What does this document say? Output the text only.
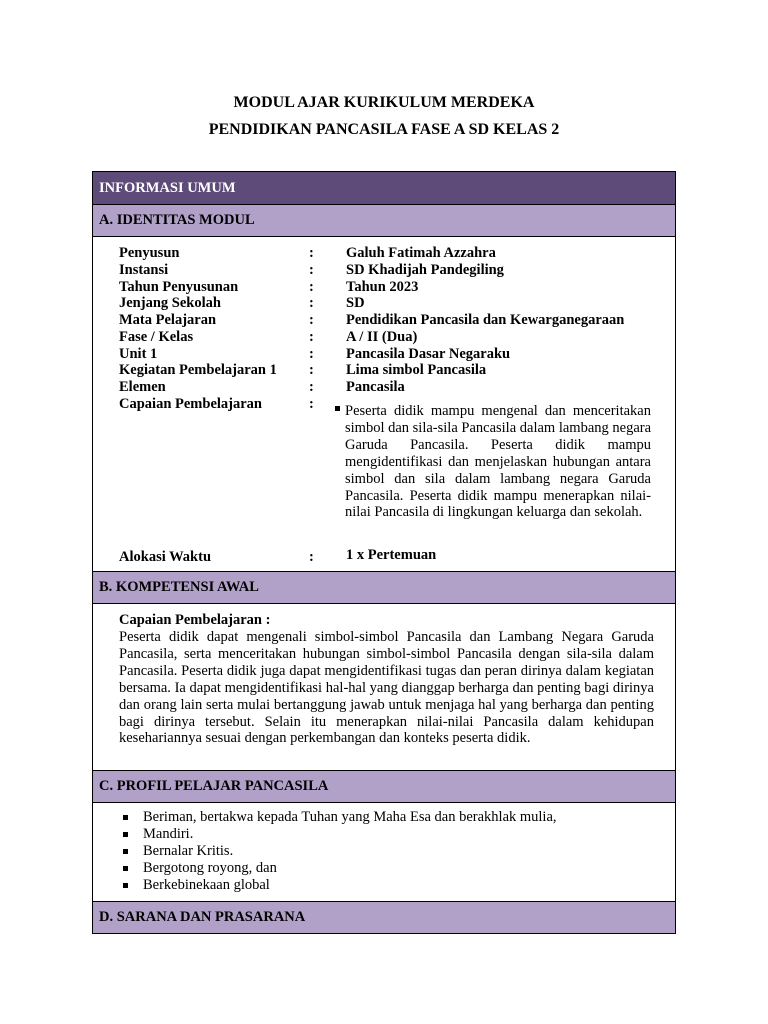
MODUL AJAR KURIKULUM MERDEKA
PENDIDIKAN PANCASILA FASE A SD KELAS 2
INFORMASI UMUM
A. IDENTITAS MODUL
Penyusun	: Galuh Fatimah Azzahra
Instansi	: SD Khadijah Pandegiling
Tahun Penyusunan	: Tahun 2023
Jenjang Sekolah	: SD
Mata Pelajaran	: Pendidikan Pancasila dan Kewarganegaraan
Fase / Kelas	: A / II (Dua)
Unit 1	: Pancasila Dasar Negaraku
Kegiatan Pembelajaran 1 : Lima simbol Pancasila
Elemen	: Pancasila
Capaian Pembelajaran	: Peserta didik mampu mengenal dan menceritakan simbol dan sila-sila Pancasila dalam lambang negara Garuda Pancasila. Peserta didik mampu mengidentifikasi dan menjelaskan hubungan antara simbol dan sila dalam lambang negara Garuda Pancasila. Peserta didik mampu menerapkan nilai-nilai Pancasila di lingkungan keluarga dan sekolah.
Alokasi Waktu	: 1 x Pertemuan
B. KOMPETENSI AWAL
Capaian Pembelajaran :
Peserta didik dapat mengenali simbol-simbol Pancasila dan Lambang Negara Garuda Pancasila, serta menceritakan hubungan simbol-simbol Pancasila dengan sila-sila dalam Pancasila. Peserta didik juga dapat mengidentifikasi tugas dan peran dirinya dalam kegiatan bersama. Ia dapat mengidentifikasi hal-hal yang dianggap berharga dan penting bagi dirinya dan orang lain serta mulai bertanggung jawab untuk menjaga hal yang berharga dan penting bagi dirinya tersebut. Selain itu menerapkan nilai-nilai Pancasila dalam kehidupan kesehariannya sesuai dengan perkembangan dan konteks peserta didik.
C. PROFIL PELAJAR PANCASILA
Beriman, bertakwa kepada Tuhan yang Maha Esa dan berakhlak mulia,
Mandiri.
Bernalar Kritis.
Bergotong royong, dan
Berkebinekaan global
D. SARANA DAN PRASARANA
